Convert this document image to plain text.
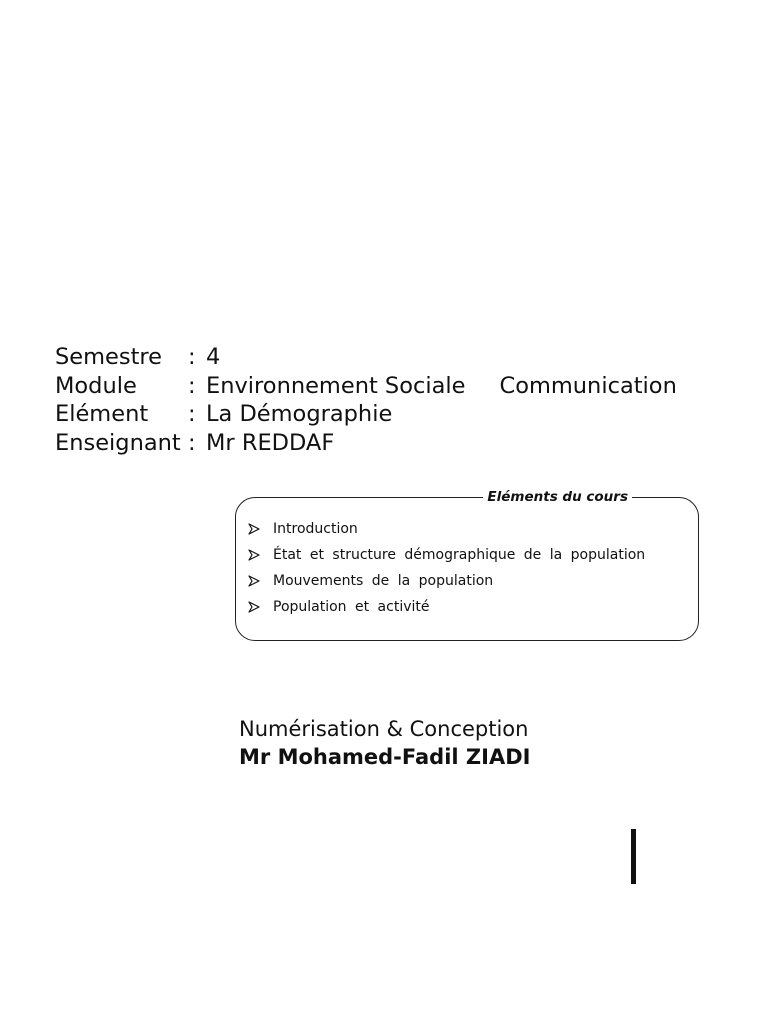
Semestre	: 4
Module	: Environnement Sociale Communication
Elément	: La Démographie
Enseignant : Mr REDDAF
Eléments du cours
Introduction
État et structure démographique de la population
Mouvements de la population
Population et activité
Numérisation & Conception
Mr Mohamed-Fadil ZIADI
